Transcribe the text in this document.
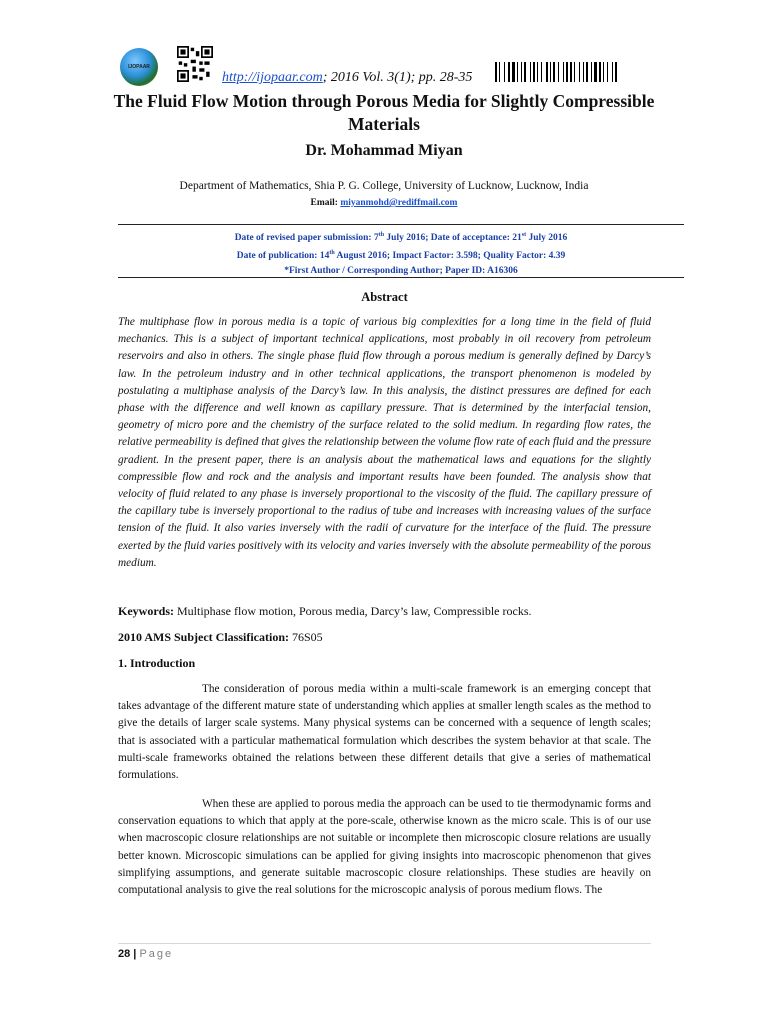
IJOPAAR
http://ijopaar.com; 2016 Vol. 3(1); pp. 28-35
The Fluid Flow Motion through Porous Media for Slightly Compressible Materials
Dr. Mohammad Miyan
Department of Mathematics, Shia P. G. College, University of Lucknow, Lucknow, India
Email: miyanmohd@rediffmail.com
Date of revised paper submission: 7th July 2016; Date of acceptance: 21st July 2016
Date of publication: 14th August 2016; Impact Factor: 3.598; Quality Factor: 4.39
*First Author / Corresponding Author; Paper ID: A16306
Abstract

The multiphase flow in porous media is a topic of various big complexities for a long time in the field of fluid mechanics. This is a subject of important technical applications, most probably in oil recovery from petroleum reservoirs and also in others. The single phase fluid flow through a porous medium is generally defined by Darcy’s law. In the petroleum industry and in other technical applications, the transport phenomenon is modeled by postulating a multiphase analysis of the Darcy’s law. In this analysis, the distinct pressures are defined for each phase with the difference and well known as capillary pressure. That is determined by the interfacial tension, geometry of micro pore and the chemistry of the surface related to the solid medium. In regarding flow rates, the relative permeability is defined that gives the relationship between the volume flow rate of each fluid and the pressure gradient. In the present paper, there is an analysis about the mathematical laws and equations for the slightly compressible flow and rock and the analysis and important results have been founded. The analysis show that velocity of fluid related to any phase is inversely proportional to the viscosity of the fluid. The capillary pressure of the capillary tube is inversely proportional to the radius of tube and increases with increasing values of the surface tension of the fluid. It also varies inversely with the radii of curvature for the interface of the fluid. The pressure exerted by the fluid varies positively with its velocity and varies inversely with the absolute permeability of the porous medium.

Keywords: Multiphase flow motion, Porous media, Darcy’s law, Compressible rocks.
2010 AMS Subject Classification: 76S05
1. Introduction

The consideration of porous media within a multi-scale framework is an emerging concept that takes advantage of the different mature state of understanding which applies at smaller length scales as the method to give the details of larger scale systems. Many physical systems can be concerned with a sequence of length scales; that is associated with a particular mathematical formulation which describes the system behavior at that scale. The multi-scale frameworks obtained the relations between these different details that give a series of mathematical formulations.

When these are applied to porous media the approach can be used to tie thermodynamic forms and conservation equations to which that apply at the pore-scale, otherwise known as the micro scale. This is of our use when macroscopic closure relationships are not suitable or incomplete then microscopic closure relations are usually better known. Microscopic simulations can be applied for giving insights into macroscopic phenomenon that gives simplifying assumptions, and generate suitable macroscopic closure relationships. These studies are heavily on computational analysis to give the real solutions for the microscopic analysis of porous medium flows. The

28 | Page
